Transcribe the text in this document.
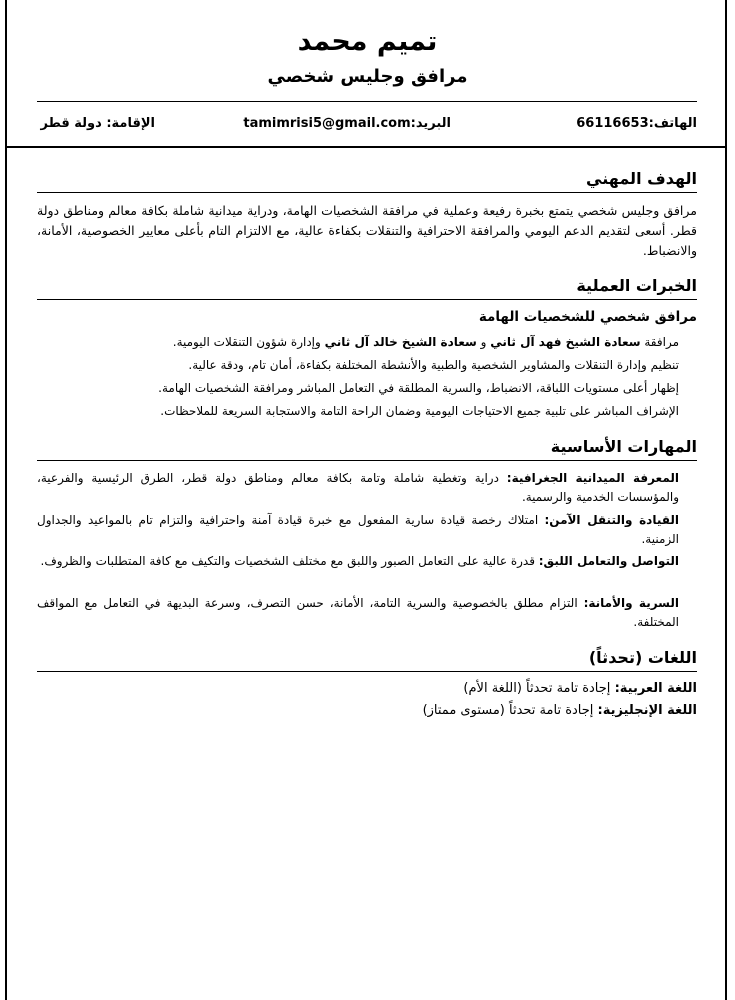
تميم محمد
مرافق وجليس شخصي
الهاتف:66116653
البريد:tamimrisi5@gmail.com
الإقامة: دولة قطر
الهدف المهني
مرافق وجليس شخصي يتمتع بخبرة رفيعة وعملية في مرافقة الشخصيات الهامة، ودراية ميدانية شاملة بكافة معالم ومناطق دولة قطر. أسعى لتقديم الدعم اليومي والمرافقة الاحترافية والتنقلات بكفاءة عالية، مع الالتزام التام بأعلى معايير الخصوصية، الأمانة، والانضباط.
الخبرات العملية
مرافق شخصي للشخصيات الهامة
مرافقة سعادة الشيخ فهد آل ثاني و سعادة الشيخ خالد آل ثاني وإدارة شؤون التنقلات اليومية.
تنظيم وإدارة التنقلات والمشاوير الشخصية والطبية والأنشطة المختلفة بكفاءة، أمان تام، ودقة عالية.
إظهار أعلى مستويات اللباقة، الانضباط، والسرية المطلقة في التعامل المباشر ومرافقة الشخصيات الهامة.
الإشراف المباشر على تلبية جميع الاحتياجات اليومية وضمان الراحة التامة والاستجابة السريعة للملاحظات.
المهارات الأساسية
المعرفة الميدانية الجغرافية: دراية وتغطية شاملة وتامة بكافة معالم ومناطق دولة قطر، الطرق الرئيسية والفرعية، والمؤسسات الخدمية والرسمية.
القيادة والتنقل الآمن: امتلاك رخصة قيادة سارية المفعول مع خبرة قيادة آمنة واحترافية والتزام تام بالمواعيد والجداول الزمنية.
التواصل والتعامل اللبق: قدرة عالية على التعامل الصبور واللبق مع مختلف الشخصيات والتكيف مع كافة المتطلبات والظروف.
السرية والأمانة: التزام مطلق بالخصوصية والسرية التامة، الأمانة، حسن التصرف، وسرعة البديهة في التعامل مع المواقف المختلفة.
اللغات (تحدثاً)
اللغة العربية: إجادة تامة تحدثاً (اللغة الأم)
اللغة الإنجليزية: إجادة تامة تحدثاً (مستوى ممتاز)
